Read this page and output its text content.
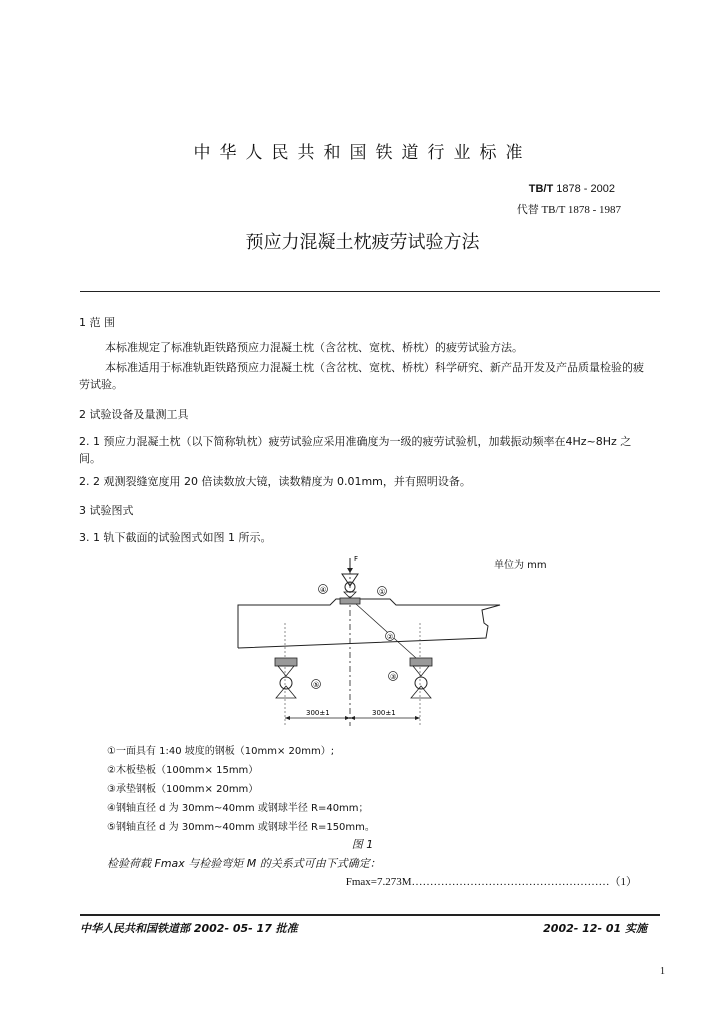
中华人民共和国铁道行业标准
TB/T 1878 - 2002
代替 TB/T 1878 - 1987
预应力混凝土枕疲劳试验方法
1 范 围
本标准规定了标准轨距铁路预应力混凝土枕（含岔枕、宽枕、桥枕）的疲劳试验方法。
本标准适用于标准轨距铁路预应力混凝土枕（含岔枕、宽枕、桥枕）科学研究、新产品开发及产品质量检验的疲劳试验。
2 试验设备及量测工具
2. 1 预应力混凝土枕（以下简称轨枕）疲劳试验应采用准确度为一级的疲劳试验机，加载振动频率在4Hz~8Hz 之间。
2. 2 观测裂缝宽度用 20 倍读数放大镜，读数精度为 0.01mm，并有照明设备。
3 试验图式
3. 1 轨下截面的试验图式如图 1 所示。
单位为 mm
F
④	①
②
③
⑤
300±1	300±1
①一面具有 1:40 坡度的钢板（10mm× 20mm）;
②木板垫板（100mm× 15mm）
③承垫钢板（100mm× 20mm）
④钢轴直径 d 为 30mm~40mm 或钢球半径 R=40mm；
⑤钢轴直径 d 为 30mm~40mm 或钢球半径 R=150mm。
图 1
检验荷载 Fmax 与检验弯矩 M 的关系式可由下式确定：
Fmax=7.273M………………………………………………（1）
中华人民共和国铁道部 2002- 05- 17 批准	2002- 12- 01 实施
1
